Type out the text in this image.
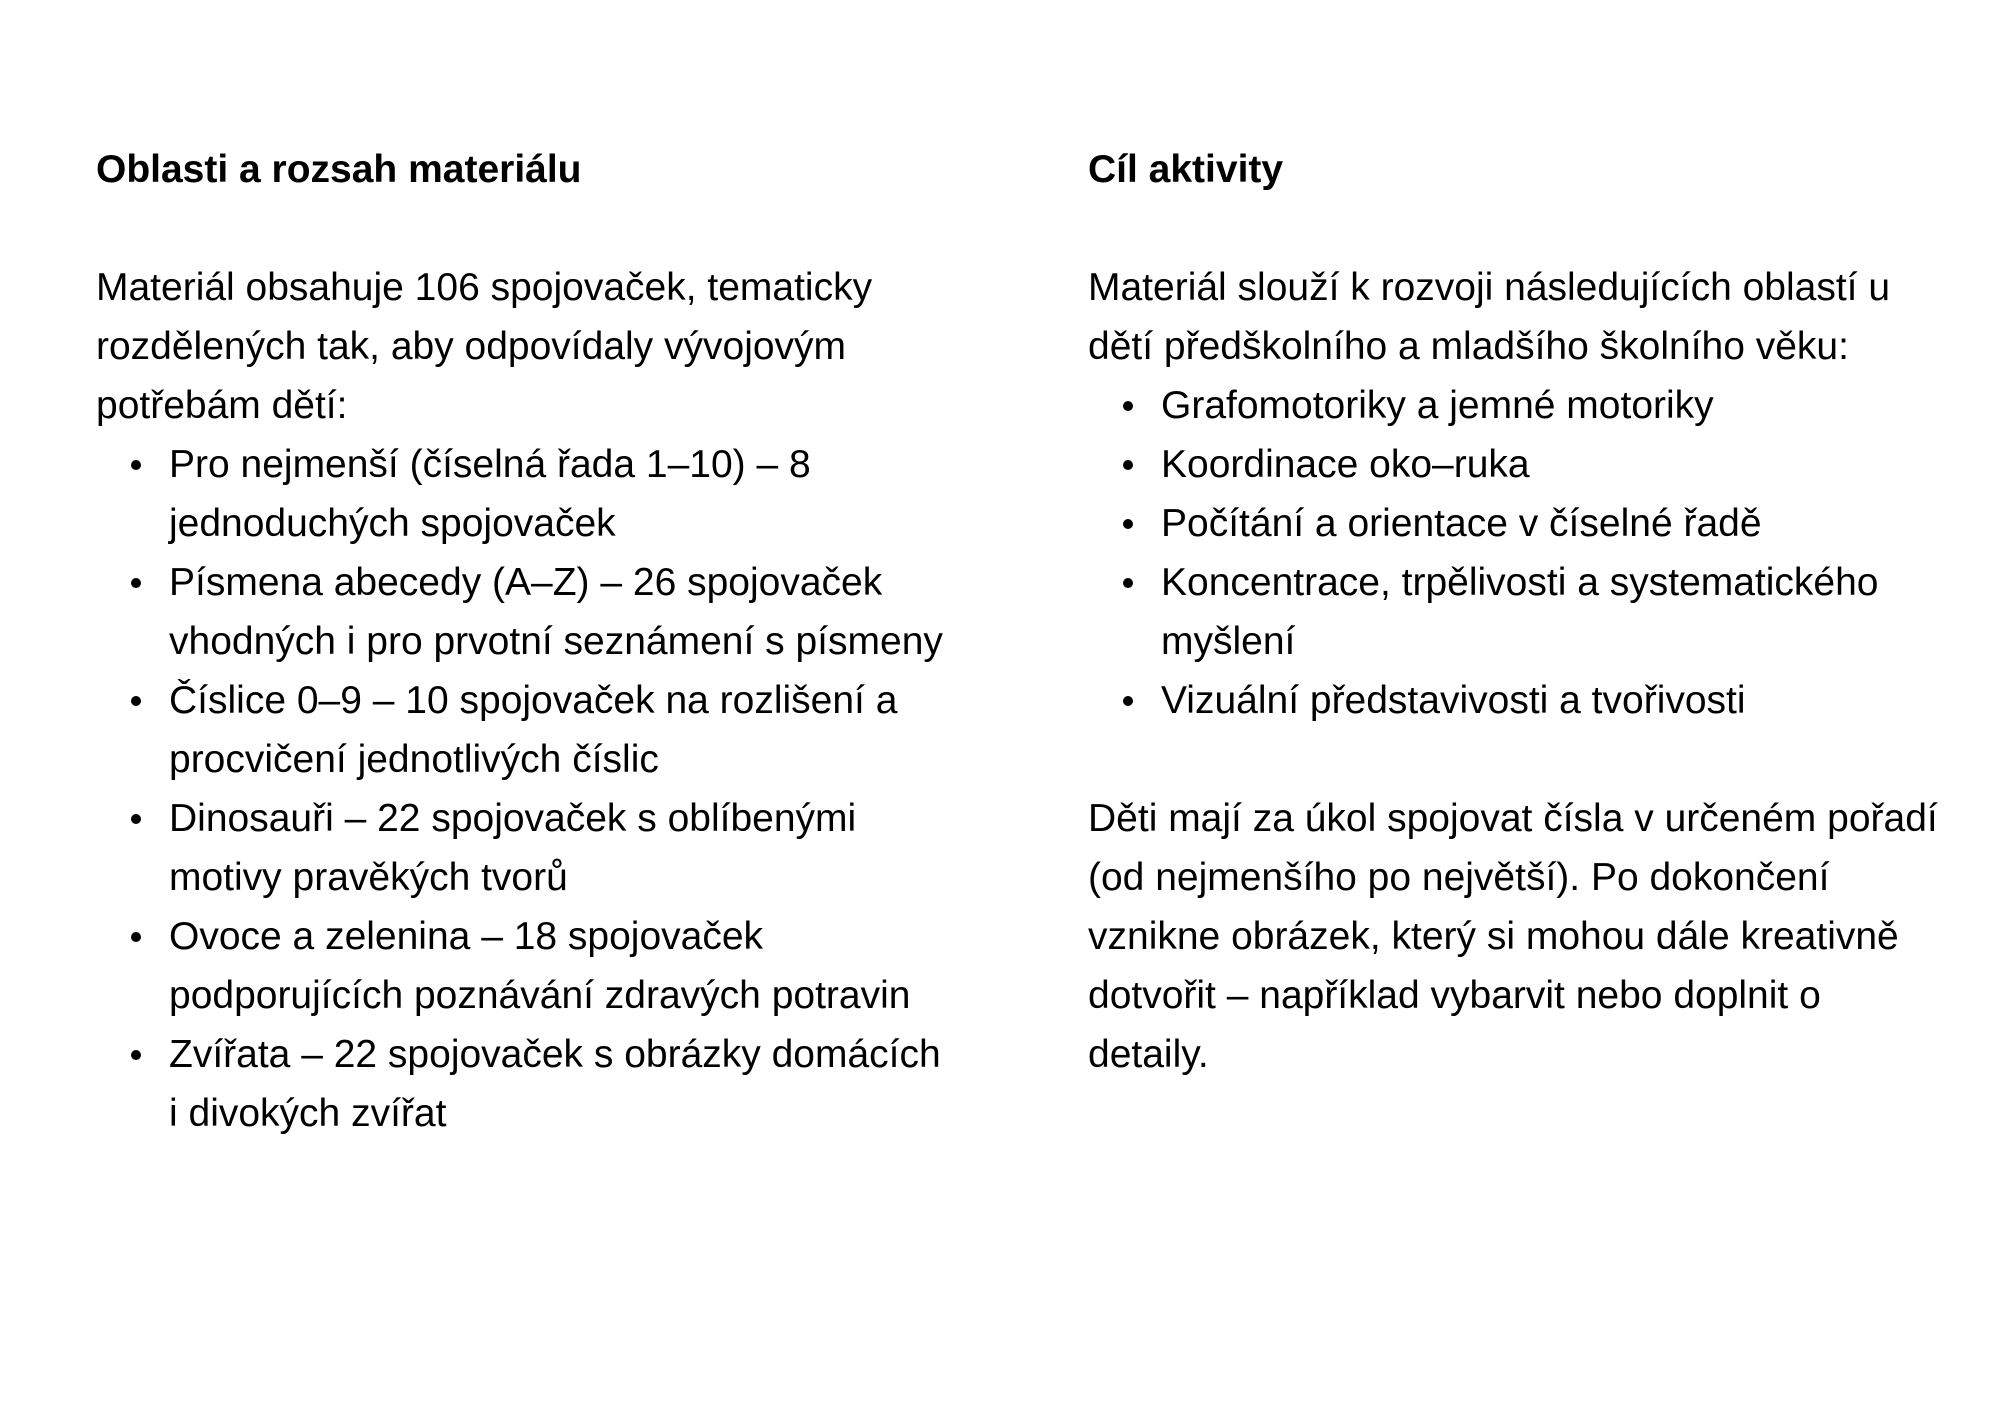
Oblasti a rozsah materiálu

Materiál obsahuje 106 spojovaček, tematicky rozdělených tak, aby odpovídaly vývojovým potřebám dětí:

Pro nejmenší (číselná řada 1–10) – 8 jednoduchých spojovaček
Písmena abecedy (A–Z) – 26 spojovaček vhodných i pro prvotní seznámení s písmeny
Číslice 0–9 – 10 spojovaček na rozlišení a procvičení jednotlivých číslic
Dinosauři – 22 spojovaček s oblíbenými motivy pravěkých tvorů
Ovoce a zelenina – 18 spojovaček podporujících poznávání zdravých potravin
Zvířata – 22 spojovaček s obrázky domácích i divokých zvířat
Cíl aktivity

Materiál slouží k rozvoji následujících oblastí u dětí předškolního a mladšího školního věku:

Grafomotoriky a jemné motoriky
Koordinace oko–ruka
Počítání a orientace v číselné řadě
Koncentrace, trpělivosti a systematického myšlení
Vizuální představivosti a tvořivosti

Děti mají za úkol spojovat čísla v určeném pořadí (od nejmenšího po největší). Po dokončení vznikne obrázek, který si mohou dále kreativně dotvořit – například vybarvit nebo doplnit o detaily.
